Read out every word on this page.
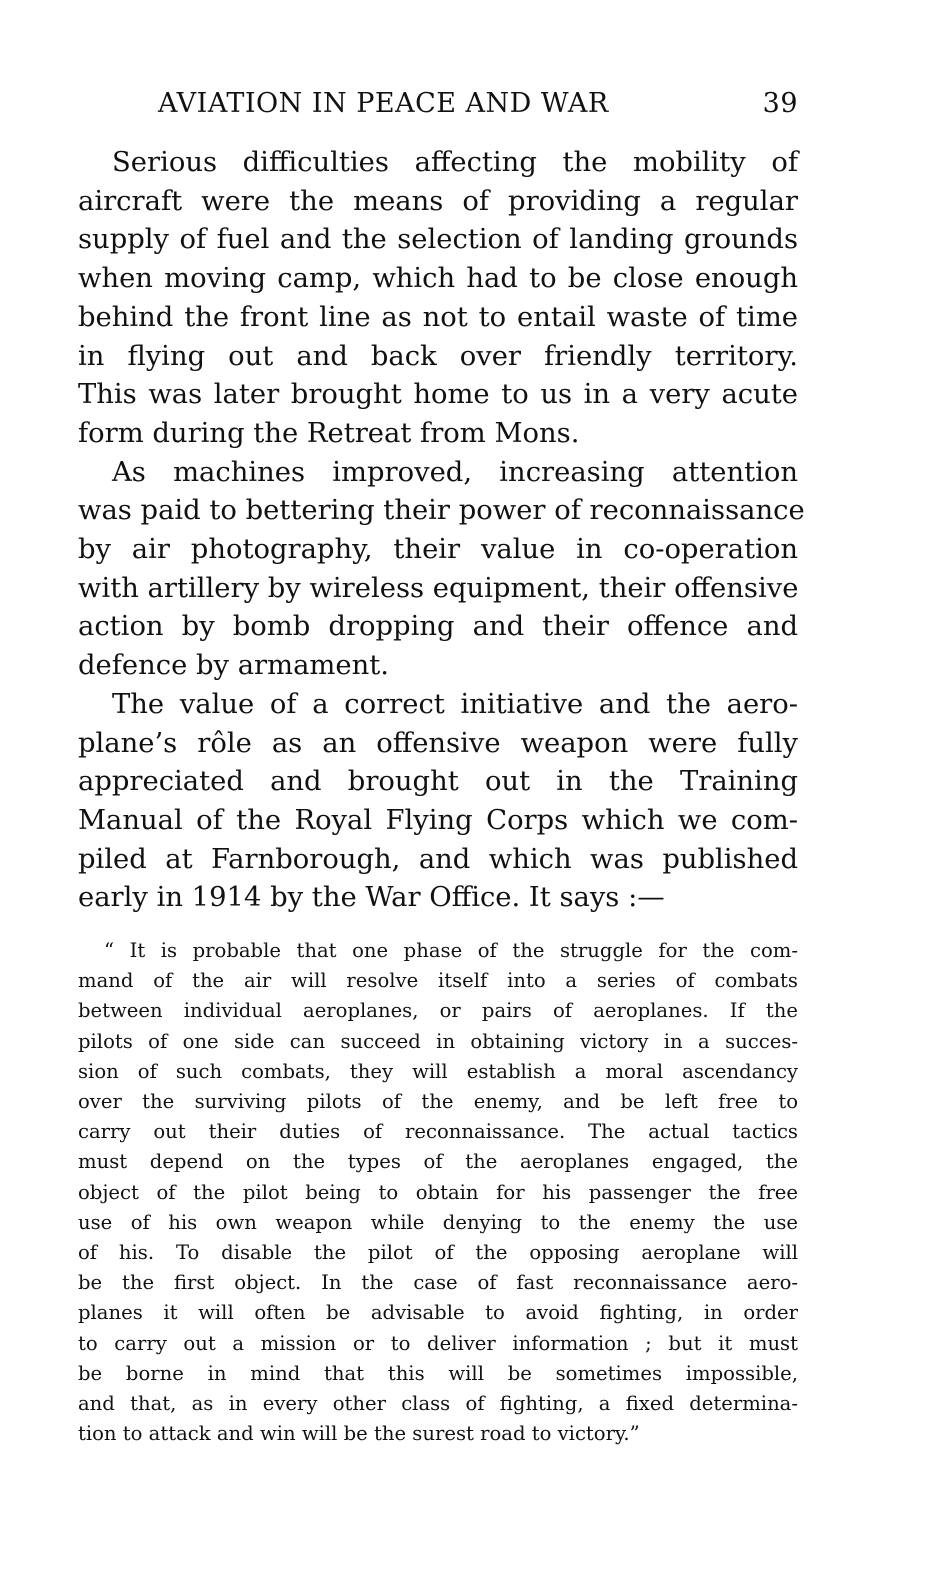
AVIATION IN PEACE AND WAR	39
Serious difficulties affecting the mobility of
aircraft were the means of providing a regular
supply of fuel and the selection of landing grounds
when moving camp, which had to be close enough
behind the front line as not to entail waste of time
in flying out and back over friendly territory.
This was later brought home to us in a very acute
form during the Retreat from Mons.
As machines improved, increasing attention
was paid to bettering their power of reconnaissance
by air photography, their value in co-operation
with artillery by wireless equipment, their offensive
action by bomb dropping and their offence and
defence by armament.
The value of a correct initiative and the aero-
plane’s rôle as an offensive weapon were fully
appreciated and brought out in the Training
Manual of the Royal Flying Corps which we com-
piled at Farnborough, and which was published
early in 1914 by the War Office. It says :—
“ It is probable that one phase of the struggle for the com-
mand of the air will resolve itself into a series of combats
between individual aeroplanes, or pairs of aeroplanes. If the
pilots of one side can succeed in obtaining victory in a succes-
sion of such combats, they will establish a moral ascendancy
over the surviving pilots of the enemy, and be left free to
carry out their duties of reconnaissance. The actual tactics
must depend on the types of the aeroplanes engaged, the
object of the pilot being to obtain for his passenger the free
use of his own weapon while denying to the enemy the use
of his. To disable the pilot of the opposing aeroplane will
be the first object. In the case of fast reconnaissance aero-
planes it will often be advisable to avoid fighting, in order
to carry out a mission or to deliver information ; but it must
be borne in mind that this will be sometimes impossible,
and that, as in every other class of fighting, a fixed determina-
tion to attack and win will be the surest road to victory.”
